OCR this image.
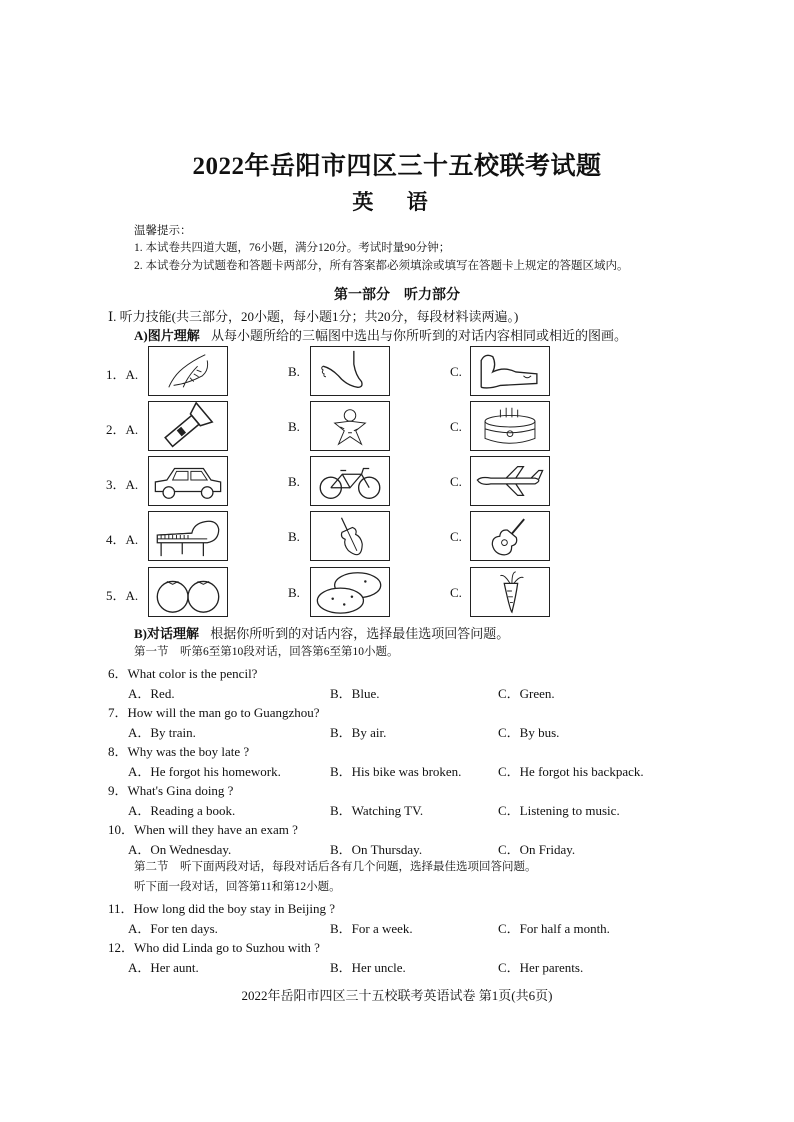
2022年岳阳市四区三十五校联考试题
英 语
温馨提示：
1. 本试卷共四道大题，76小题，满分120分。考试时量90分钟；
2. 本试卷分为试题卷和答题卡两部分，所有答案都必须填涂或填写在答题卡上规定的答题区域内。
第一部分　听力部分
Ⅰ. 听力技能(共三部分，20小题，每小题1分；共20分，每段材料读两遍。)
A)图片理解 从每小题所给的三幅图中选出与你所听到的对话内容相同或相近的图画。
1．A.	B.	C.
2．A.	B.	C.
3．A.	B.	C.
4．A.	B.	C.
5．A.	B.	C.
B)对话理解 根据你所听到的对话内容，选择最佳选项回答问题。
第一节　听第6至第10段对话，回答第6至第10小题。
6．What color is the pencil?
A．Red.	B．Blue.	C．Green.
7．How will the man go to Guangzhou?
A．By train.	B．By air.	C．By bus.
8．Why was the boy late ?
A．He forgot his homework.	B．His bike was broken.	C．He forgot his backpack.
9．What's Gina doing ?
A．Reading a book.	B．Watching TV.	C．Listening to music.
10．When will they have an exam ?
A．On Wednesday.	B．On Thursday.	C．On Friday.
第二节　听下面两段对话，每段对话后各有几个问题，选择最佳选项回答问题。
听下面一段对话，回答第11和第12小题。
11．How long did the boy stay in Beijing ?
A．For ten days.	B．For a week.	C．For half a month.
12．Who did Linda go to Suzhou with ?
A．Her aunt.	B．Her uncle.	C．Her parents.
2022年岳阳市四区三十五校联考英语试卷 第1页(共6页)
